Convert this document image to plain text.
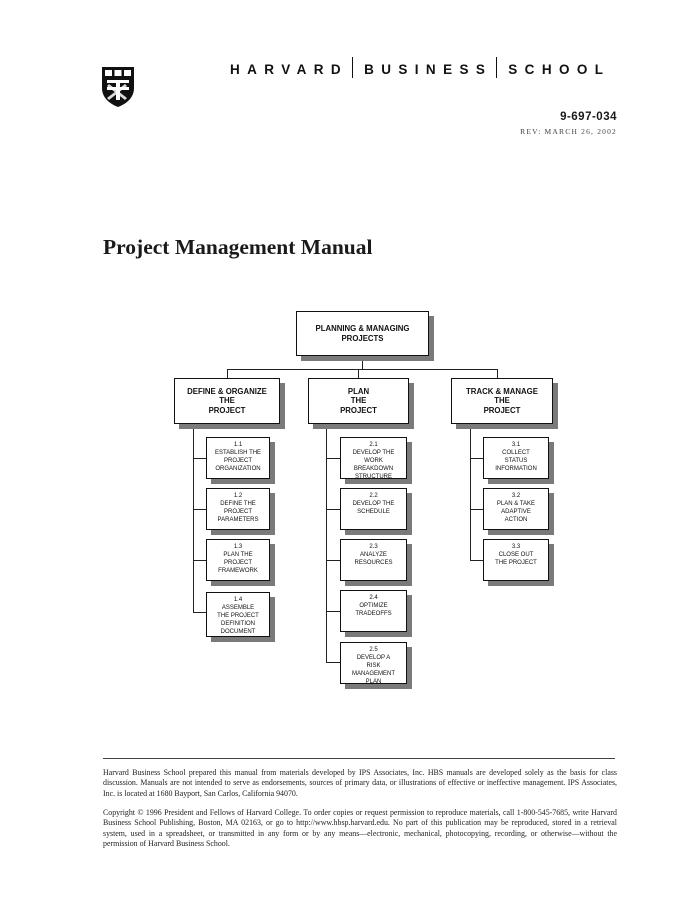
HARVARD BUSINESS SCHOOL
9-697-034
REV: MARCH 26, 2002
Project Management Manual
PLANNING & MANAGING
PROJECTS
DEFINE & ORGANIZE
THE
PROJECT
PLAN
THE
PROJECT
TRACK & MANAGE
THE
PROJECT
1.1
ESTABLISH THE
PROJECT
ORGANIZATION
1.2
DEFINE THE
PROJECT
PARAMETERS
1.3
PLAN THE
PROJECT
FRAMEWORK
1.4
ASSEMBLE
THE PROJECT
DEFINITION
DOCUMENT
2.1
DEVELOP THE
WORK
BREAKDOWN
STRUCTURE
2.2
DEVELOP THE
SCHEDULE
2.3
ANALYZE
RESOURCES
2.4
OPTIMIZE
TRADEOFFS
2.5
DEVELOP A
RISK
MANAGEMENT
PLAN
3.1
COLLECT
STATUS
INFORMATION
3.2
PLAN & TAKE
ADAPTIVE
ACTION
3.3
CLOSE OUT
THE PROJECT
Harvard Business School prepared this manual from materials developed by IPS Associates, Inc. HBS manuals are developed solely as the basis for class discussion. Manuals are not intended to serve as endorsements, sources of primary data, or illustrations of effective or ineffective management. IPS Associates, Inc. is located at 1680 Bayport, San Carlos, California 94070.
Copyright © 1996 President and Fellows of Harvard College. To order copies or request permission to reproduce materials, call 1-800-545-7685, write Harvard Business School Publishing, Boston, MA 02163, or go to http://www.hbsp.harvard.edu. No part of this publication may be reproduced, stored in a retrieval system, used in a spreadsheet, or transmitted in any form or by any means—electronic, mechanical, photocopying, recording, or otherwise—without the permission of Harvard Business School.
